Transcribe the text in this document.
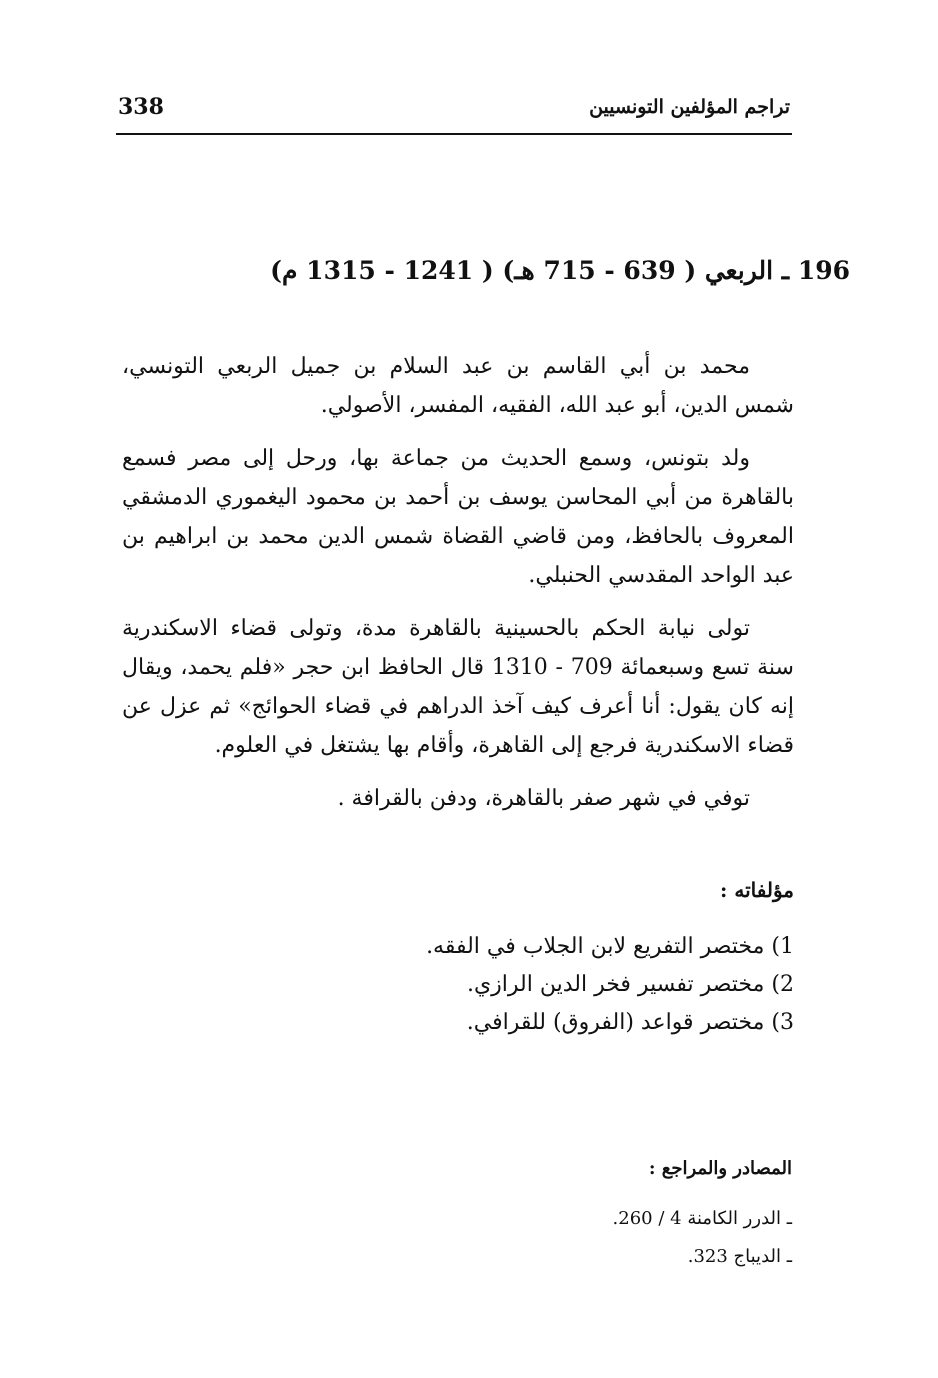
تراجم المؤلفين التونسيين
338
196 ـ الربعي ( 639 - 715 هـ) ( 1241 - 1315 م)

محمد بن أبي القاسم بن عبد السلام بن جميل الربعي التونسي، شمس الدين، أبو عبد الله، الفقيه، المفسر، الأصولي.

ولد بتونس، وسمع الحديث من جماعة بها، ورحل إلى مصر فسمع بالقاهرة من أبي المحاسن يوسف بن أحمد بن محمود اليغموري الدمشقي المعروف بالحافظ، ومن قاضي القضاة شمس الدين محمد بن ابراهيم بن عبد الواحد المقدسي الحنبلي.

تولى نيابة الحكم بالحسينية بالقاهرة مدة، وتولى قضاء الاسكندرية سنة تسع وسبعمائة 709 - 1310 قال الحافظ ابن حجر «فلم يحمد، ويقال إنه كان يقول: أنا أعرف كيف آخذ الدراهم في قضاء الحوائج» ثم عزل عن قضاء الاسكندرية فرجع إلى القاهرة، وأقام بها يشتغل في العلوم.

توفي في شهر صفر بالقاهرة، ودفن بالقرافة .

مؤلفاته :
1) مختصر التفريع لابن الجلاب في الفقه.
2) مختصر تفسير فخر الدين الرازي.
3) مختصر قواعد (الفروق) للقرافي.
المصادر والمراجع :
ـ الدرر الكامنة 4 / 260.
ـ الديباج 323.
